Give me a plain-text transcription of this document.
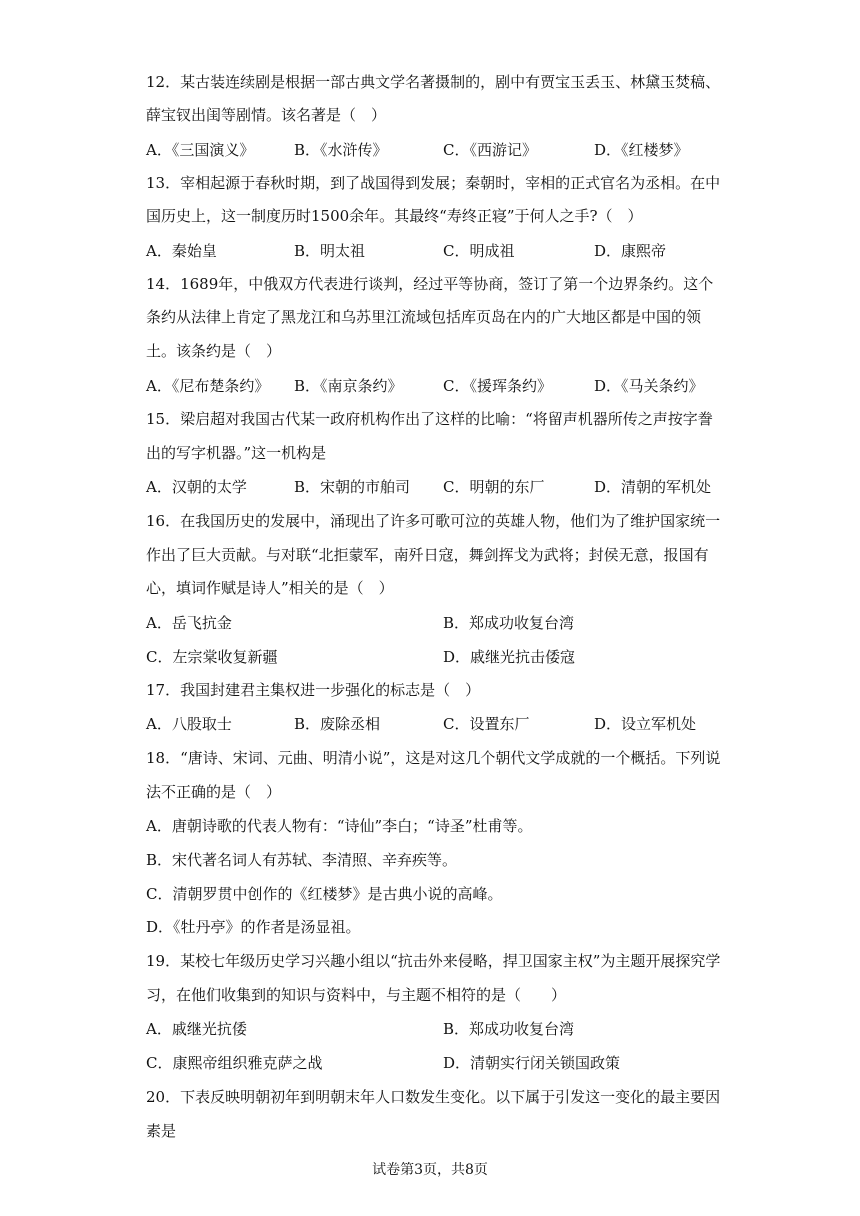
12．某古装连续剧是根据一部古典文学名著摄制的，剧中有贾宝玉丢玉、林黛玉焚稿、
薛宝钗出闺等剧情。该名著是（　）
A．《三国演义》	B．《水浒传》	C．《西游记》	D．《红楼梦》
13．宰相起源于春秋时期，到了战国得到发展；秦朝时，宰相的正式官名为丞相。在中
国历史上，这一制度历时1500余年。其最终“寿终正寝”于何人之手?（　）
A．秦始皇	B．明太祖	C．明成祖	D．康熙帝
14．1689年，中俄双方代表进行谈判，经过平等协商，签订了第一个边界条约。这个
条约从法律上肯定了黑龙江和乌苏里江流域包括库页岛在内的广大地区都是中国的领
土。该条约是（　）
A．《尼布楚条约》 B．《南京条约》	C．《援珲条约》	D．《马关条约》
15．梁启超对我国古代某一政府机构作出了这样的比喻：“将留声机器所传之声按字誊
出的写字机器。”这一机构是
A．汉朝的太学	B．宋朝的市舶司 C．明朝的东厂	D．清朝的军机处
16．在我国历史的发展中，涌现出了许多可歌可泣的英雄人物，他们为了维护国家统一
作出了巨大贡献。与对联“北拒蒙军，南歼日寇，舞剑挥戈为武将；封侯无意，报国有
心，填词作赋是诗人”相关的是（　）
A．岳飞抗金	B．郑成功收复台湾
C．左宗棠收复新疆	D．戚继光抗击倭寇
17．我国封建君主集权进一步强化的标志是（　）
A．八股取士	B．废除丞相	C．设置东厂	D．设立军机处
18．“唐诗、宋词、元曲、明清小说”，这是对这几个朝代文学成就的一个概括。下列说
法不正确的是（　）
A．唐朝诗歌的代表人物有：“诗仙”李白；“诗圣”杜甫等。
B．宋代著名词人有苏轼、李清照、辛弃疾等。
C．清朝罗贯中创作的《红楼梦》是古典小说的高峰。
D．《牡丹亭》的作者是汤显祖。
19．某校七年级历史学习兴趣小组以“抗击外来侵略，捍卫国家主权”为主题开展探究学
习，在他们收集到的知识与资料中，与主题不相符的是（　　）
A．戚继光抗倭	B．郑成功收复台湾
C．康熙帝组织雅克萨之战	D．清朝实行闭关锁国政策
20．下表反映明朝初年到明朝末年人口数发生变化。以下属于引发这一变化的最主要因
素是
试卷第3页，共8页
